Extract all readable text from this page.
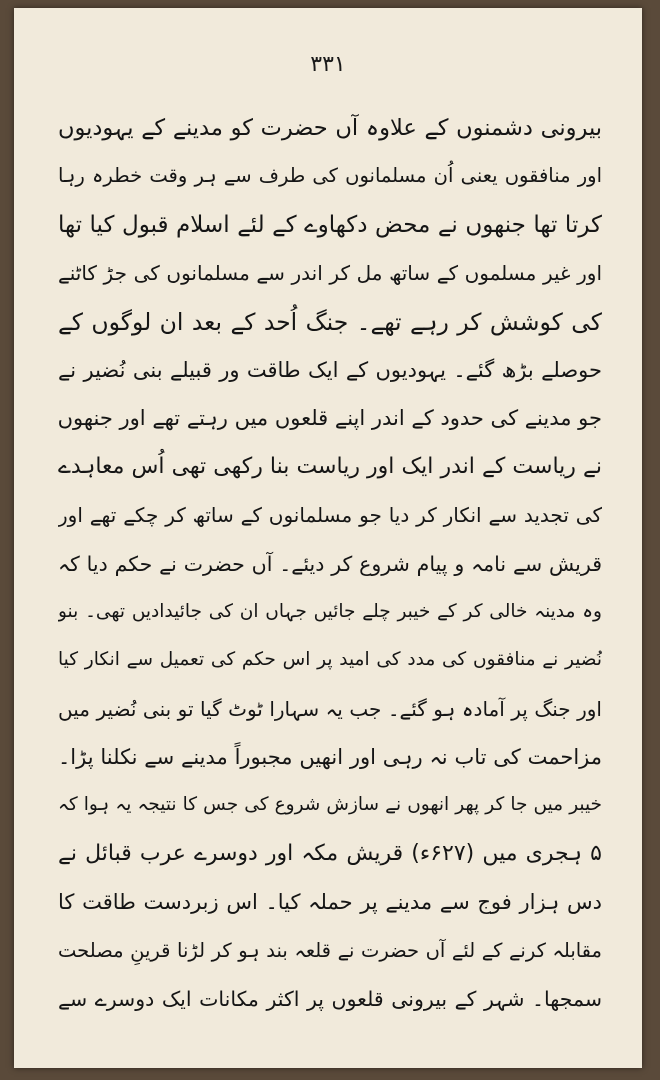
۳۳۱
بیرونی دشمنوں کے علاوہ آں حضرت کو مدینے کے یہودیوں
اور منافقوں یعنی اُن مسلمانوں کی طرف سے ہر وقت خطرہ رہا
کرتا تھا جنھوں نے محض دکھاوے کے لئے اسلام قبول کیا تھا
اور غیر مسلموں کے ساتھ مل کر اندر سے مسلمانوں کی جڑ کاٹنے
کی کوشش کر رہے تھے۔ جنگ اُحد کے بعد ان لوگوں کے
حوصلے بڑھ گئے۔ یہودیوں کے ایک طاقت ور قبیلے بنی نُضیر نے
جو مدینے کی حدود کے اندر اپنے قلعوں میں رہتے تھے اور جنھوں
نے ریاست کے اندر ایک اور ریاست بنا رکھی تھی اُس معاہدے
کی تجدید سے انکار کر دیا جو مسلمانوں کے ساتھ کر چکے تھے اور
قریش سے نامہ و پیام شروع کر دیئے۔ آں حضرت نے حکم دیا کہ
وہ مدینہ خالی کر کے خیبر چلے جائیں جہاں ان کی جائیدادیں تھی۔ بنو
نُضیر نے منافقوں کی مدد کی امید پر اس حکم کی تعمیل سے انکار کیا
اور جنگ پر آمادہ ہو گئے۔ جب یہ سہارا ٹوٹ گیا تو بنی نُضیر میں
مزاحمت کی تاب نہ رہی اور انھیں مجبوراً مدینے سے نکلنا پڑا۔
خیبر میں جا کر پھر انھوں نے سازش شروع کی جس کا نتیجہ یہ ہوا کہ
۵ ہجری میں (۶۲۷ء) قریش مکہ اور دوسرے عرب قبائل نے
دس ہزار فوج سے مدینے پر حملہ کیا۔ اس زبردست طاقت کا
مقابلہ کرنے کے لئے آں حضرت نے قلعہ بند ہو کر لڑنا قرینِ مصلحت
سمجھا۔ شہر کے بیرونی قلعوں پر اکثر مکانات ایک دوسرے سے
